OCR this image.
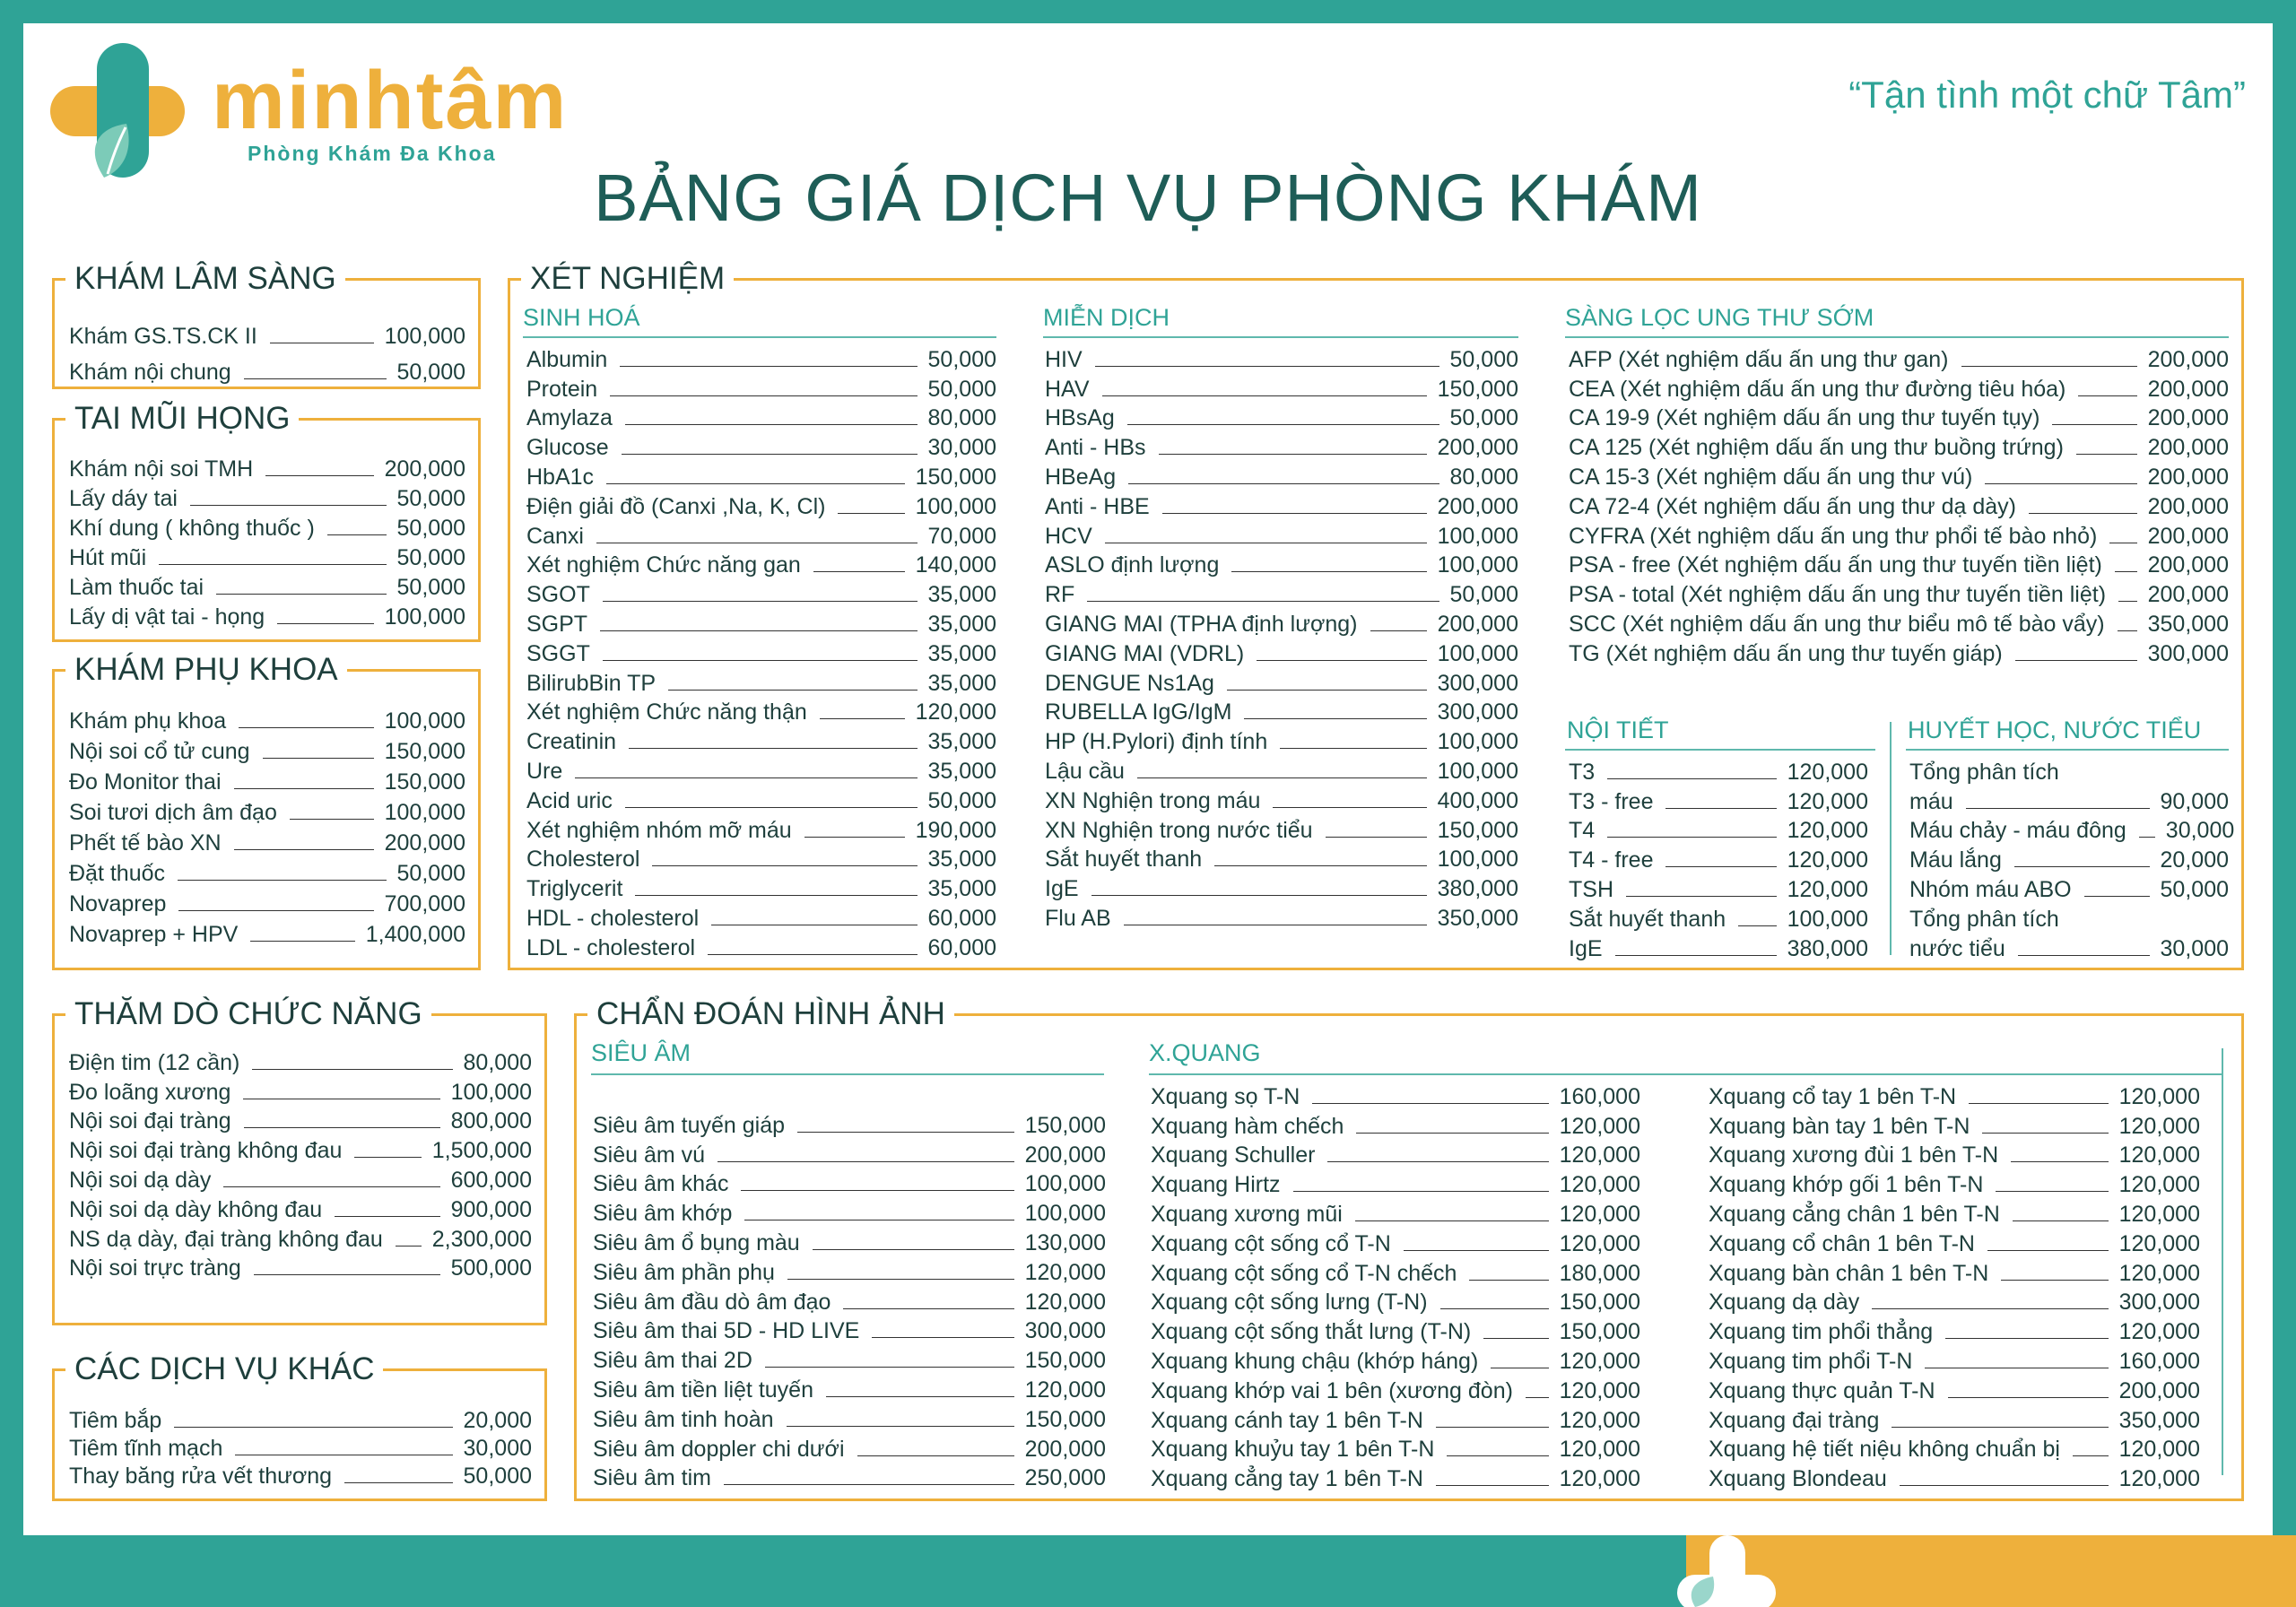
minhtâm
Phòng Khám Đa Khoa
“Tận tình một chữ Tâm”
BẢNG GIÁ DỊCH VỤ PHÒNG KHÁM
KHÁM LÂM SÀNG
Khám GS.TS.CK II	100,000
Khám nội chung	50,000
TAI MŨI HỌNG
Khám nội soi TMH	200,000
Lấy dáy tai	50,000
Khí dung ( không thuốc )	50,000
Hút mũi	50,000
Làm thuốc tai	50,000
Lấy dị vật tai - họng	100,000
KHÁM PHỤ KHOA
Khám phụ khoa	100,000
Nội soi cổ tử cung	150,000
Đo Monitor thai	150,000
Soi tươi dịch âm đạo	100,000
Phết tế bào XN	200,000
Đặt thuốc	50,000
Novaprep	700,000
Novaprep + HPV	1,400,000
XÉT NGHIỆM
SINH HOÁ
Albumin	50,000
Protein	50,000
Amylaza	80,000
Glucose	30,000
HbA1c	150,000
Điện giải đồ (Canxi ,Na, K, Cl)	100,000
Canxi	70,000
Xét nghiệm Chức năng gan	140,000
SGOT	35,000
SGPT	35,000
SGGT	35,000
BilirubBin TP	35,000
Xét nghiệm Chức năng thận	120,000
Creatinin	35,000
Ure	35,000
Acid uric	50,000
Xét nghiệm nhóm mỡ máu	190,000
Cholesterol	35,000
Triglycerit	35,000
HDL - cholesterol	60,000
LDL - cholesterol	60,000
MIỄN DỊCH
HIV	50,000
HAV	150,000
HBsAg	50,000
Anti - HBs	200,000
HBeAg	80,000
Anti - HBE	200,000
HCV	100,000
ASLO định lượng	100,000
RF	50,000
GIANG MAI (TPHA định lượng)	200,000
GIANG MAI (VDRL)	100,000
DENGUE Ns1Ag	300,000
RUBELLA IgG/IgM	300,000
HP (H.Pylori) định tính	100,000
Lậu cầu	100,000
XN Nghiện trong máu	400,000
XN Nghiện trong nước tiểu	150,000
Sắt huyết thanh	100,000
IgE	380,000
Flu AB	350,000
SÀNG LỌC UNG THƯ SỚM
AFP (Xét nghiệm dấu ấn ung thư gan)	200,000
CEA (Xét nghiệm dấu ấn ung thư đường tiêu hóa)	200,000
CA 19-9 (Xét nghiệm dấu ấn ung thư tuyến tụy)	200,000
CA 125 (Xét nghiệm dấu ấn ung thư buồng trứng)	200,000
CA 15-3 (Xét nghiệm dấu ấn ung thư vú)	200,000
CA 72-4 (Xét nghiệm dấu ấn ung thư dạ dày)	200,000
CYFRA (Xét nghiệm dấu ấn ung thư phổi tế bào nhỏ) 200,000
PSA - free (Xét nghiệm dấu ấn ung thư tuyến tiền liệt) 200,000
PSA - total (Xét nghiệm dấu ấn ung thư tuyến tiền liệt) 200,000
SCC (Xét nghiệm dấu ấn ung thư biểu mô tế bào vẩy) 350,000
TG (Xét nghiệm dấu ấn ung thư tuyến giáp)	300,000
NỘI TIẾT
T3	120,000
T3 - free	120,000
T4	120,000
T4 - free	120,000
TSH	120,000
Sắt huyết thanh	100,000
IgE	380,000
HUYẾT HỌC, NƯỚC TIỂU
Tổng phân tích
máu	90,000
Máu chảy - máu đông 30,000
Máu lắng	20,000
Nhóm máu ABO	50,000
Tổng phân tích
nước tiểu	30,000
THĂM DÒ CHỨC NĂNG
Điện tim (12 cần)	80,000
Đo loãng xương	100,000
Nội soi đại tràng	800,000
Nội soi đại tràng không đau	1,500,000
Nội soi dạ dày	600,000
Nội soi dạ dày không đau	900,000
NS dạ dày, đại tràng không đau 2,300,000
Nội soi trực tràng	500,000
CÁC DỊCH VỤ KHÁC
Tiêm bắp	20,000
Tiêm tĩnh mạch	30,000
Thay băng rửa vết thương	50,000
CHẨN ĐOÁN HÌNH ẢNH
SIÊU ÂM
Siêu âm tuyến giáp	150,000
Siêu âm vú	200,000
Siêu âm khác	100,000
Siêu âm khớp	100,000
Siêu âm ổ bụng màu	130,000
Siêu âm phần phụ	120,000
Siêu âm đầu dò âm đạo	120,000
Siêu âm thai 5D - HD LIVE	300,000
Siêu âm thai 2D	150,000
Siêu âm tiền liệt tuyến	120,000
Siêu âm tinh hoàn	150,000
Siêu âm doppler chi dưới	200,000
Siêu âm tim	250,000
X.QUANG
Xquang sọ T-N	160,000
Xquang hàm chếch	120,000
Xquang Schuller	120,000
Xquang Hirtz	120,000
Xquang xương mũi	120,000
Xquang cột sống cổ T-N	120,000
Xquang cột sống cổ T-N chếch	180,000
Xquang cột sống lưng (T-N)	150,000
Xquang cột sống thắt lưng (T-N)	150,000
Xquang khung chậu (khớp háng)	120,000
Xquang khớp vai 1 bên (xương đòn) 120,000
Xquang cánh tay 1 bên T-N	120,000
Xquang khuỷu tay 1 bên T-N	120,000
Xquang cẳng tay 1 bên T-N	120,000
Xquang cổ tay 1 bên T-N	120,000
Xquang bàn tay 1 bên T-N	120,000
Xquang xương đùi 1 bên T-N	120,000
Xquang khớp gối 1 bên T-N	120,000
Xquang cẳng chân 1 bên T-N	120,000
Xquang cổ chân 1 bên T-N	120,000
Xquang bàn chân 1 bên T-N	120,000
Xquang dạ dày	300,000
Xquang tim phổi thẳng	120,000
Xquang tim phổi T-N	160,000
Xquang thực quản T-N	200,000
Xquang đại tràng	350,000
Xquang hệ tiết niệu không chuẩn bị	120,000
Xquang Blondeau	120,000
